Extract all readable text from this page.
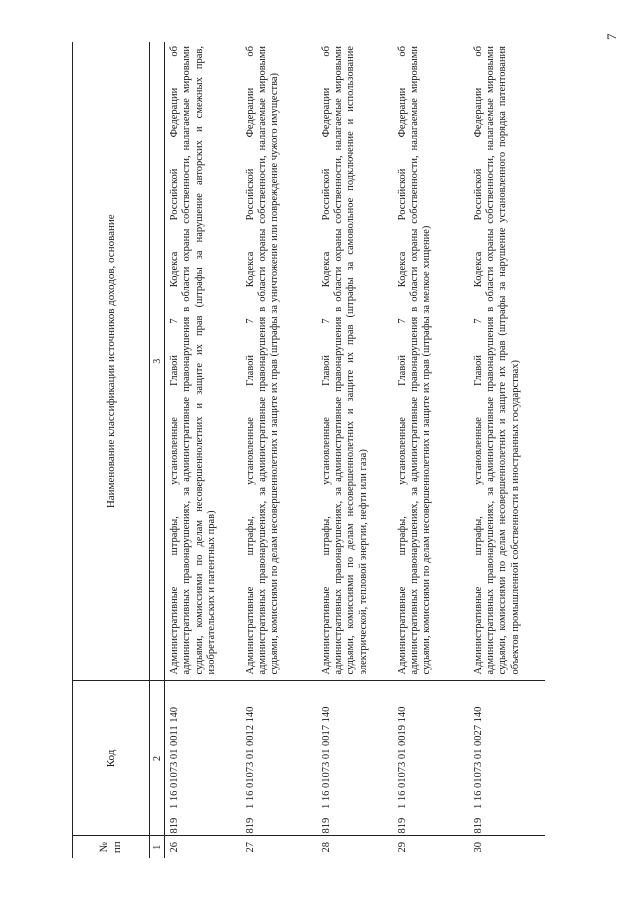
7
№ пп	Код		Наименование классификации источников доходов, основание
1	2		3
26	819	1 16 01073 01 0011 140	Административные штрафы, установленные Главой 7 Кодекса Российской Федерации об административных правонарушениях, за административные правонарушения в области охраны собственности, налагаемые мировыми судьями, комиссиями по делам несовершеннолетних и защите их прав (штрафы за нарушение авторских и смежных прав, изобретательских и патентных прав)
27	819	1 16 01073 01 0012 140	Административные штрафы, установленные Главой 7 Кодекса Российской Федерации об административных правонарушениях, за административные правонарушения в области охраны собственности, налагаемые мировыми судьями, комиссиями по делам несовершеннолетних и защите их прав (штрафы за уничтожение или повреждение чужого имущества)
28	819	1 16 01073 01 0017 140	Административные штрафы, установленные Главой 7 Кодекса Российской Федерации об административных правонарушениях, за административные правонарушения в области охраны собственности, налагаемые мировыми судьями, комиссиями по делам несовершеннолетних и защите их прав (штрафы за самовольное подключение и использование электрической, тепловой энергии, нефти или газа)
29	819	1 16 01073 01 0019 140	Административные штрафы, установленные Главой 7 Кодекса Российской Федерации об административных правонарушениях, за административные правонарушения в области охраны собственности, налагаемые мировыми судьями, комиссиями по делам несовершеннолетних и защите их прав (штрафы за мелкое хищение)
30	819	1 16 01073 01 0027 140	Административные штрафы, установленные Главой 7 Кодекса Российской Федерации об административных правонарушениях, за административные правонарушения в области охраны собственности, налагаемые мировыми судьями, комиссиями по делам несовершеннолетних и защите их прав (штрафы за нарушение установленного порядка патентования объектов промышленной собственности в иностранных государствах)
